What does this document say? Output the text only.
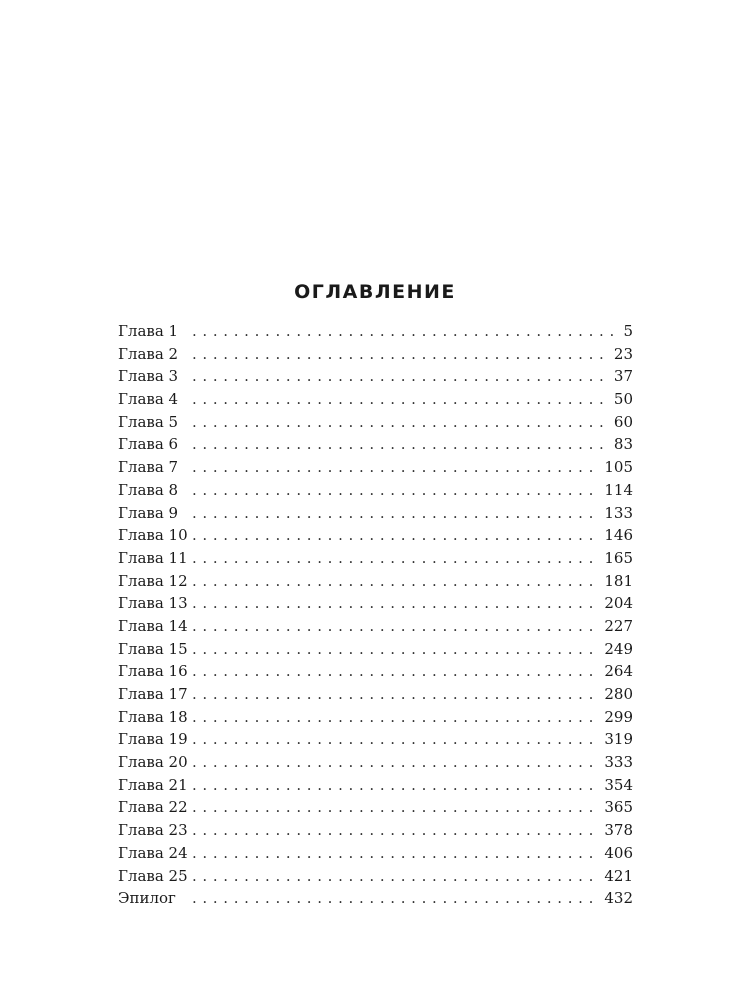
ОГЛАВЛЕНИЕ
Глава 1 . . .	5
Глава 2 . . .	23
Глава 3 . . .	37
Глава 4 . . .	50
Глава 5 . . .	60
Глава 6 . . .	83
Глава 7 . . .	105
Глава 8 . . .	114
Глава 9 . . .	133
Глава 10 . . .	146
Глава 11 . . .	165
Глава 12 . . .	181
Глава 13 . . .	204
Глава 14 . . .	227
Глава 15 . . .	249
Глава 16 . . .	264
Глава 17 . . .	280
Глава 18 . . .	299
Глава 19 . . .	319
Глава 20 . . .	333
Глава 21 . . .	354
Глава 22 . . .	365
Глава 23 . . .	378
Глава 24 . . .	406
Глава 25 . . .	421
Эпилог . . .	432
